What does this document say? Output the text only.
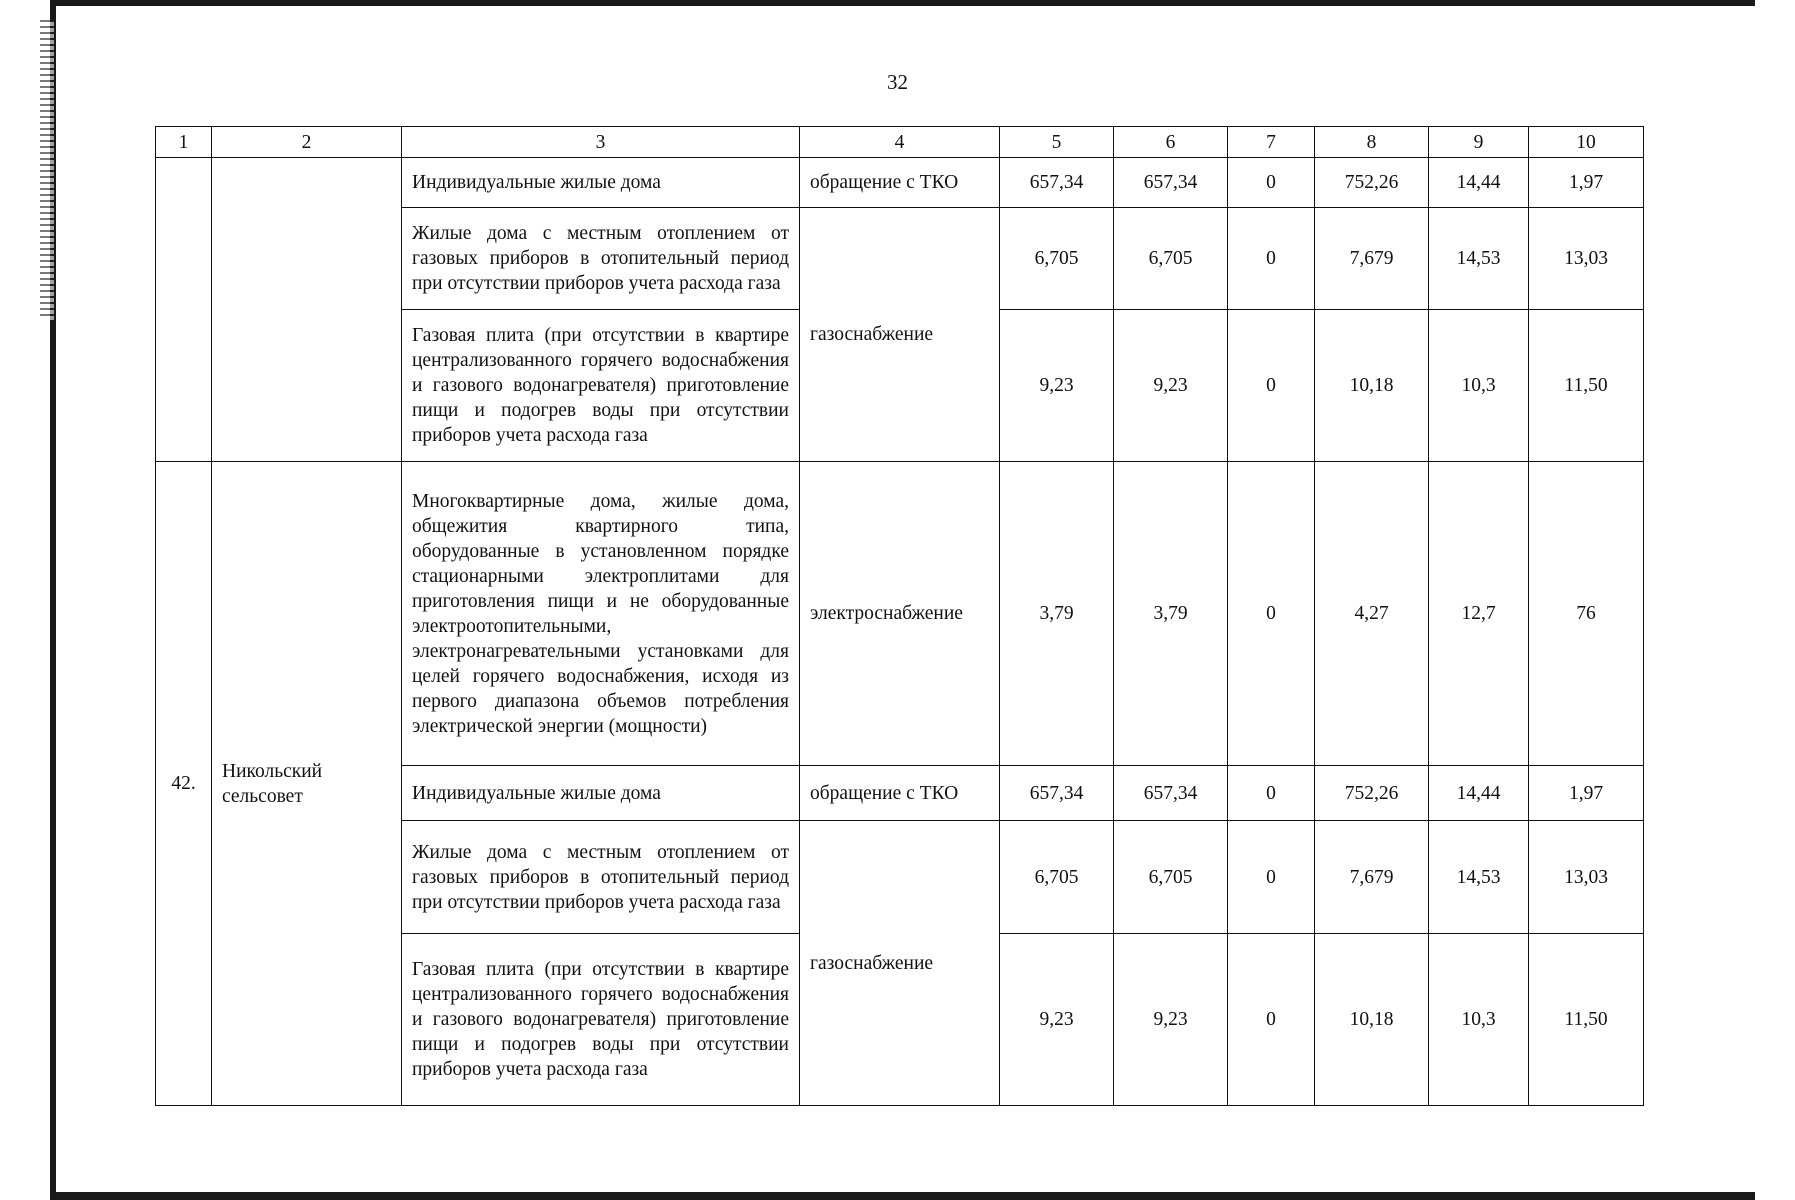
32
1	2	3	4	5	6	7	8	9	10
		Индивидуальные жилые дома	обращение с ТКО	657,34	657,34	0	752,26	14,44	1,97
		Жилые дома с местным отоплением от газовых приборов в отопительный период при отсутствии приборов учета расхода газа	газоснабжение	6,705	6,705	0	7,679	14,53	13,03
		Газовая плита (при отсутствии в квартире централизованного горячего водоснабжения и газового водонагревателя) приготовление пищи и подогрев воды при отсутствии приборов учета расхода газа		9,23	9,23	0	10,18	10,3	11,50
42.	Никольский сельсовет	Многоквартирные дома, жилые дома, общежития квартирного типа, оборудованные в установленном порядке стационарными электроплитами для приготовления пищи и не оборудованные электроотопительными, электронагревательными установками для целей горячего водоснабжения, исходя из первого диапазона объемов потребления электрической энергии (мощности)	электроснабжение	3,79	3,79	0	4,27	12,7	76
		Индивидуальные жилые дома	обращение с ТКО	657,34	657,34	0	752,26	14,44	1,97
		Жилые дома с местным отоплением от газовых приборов в отопительный период при отсутствии приборов учета расхода газа	газоснабжение	6,705	6,705	0	7,679	14,53	13,03
		Газовая плита (при отсутствии в квартире централизованного горячего водоснабжения и газового водонагревателя) приготовление пищи и подогрев воды при отсутствии приборов учета расхода газа		9,23	9,23	0	10,18	10,3	11,50
